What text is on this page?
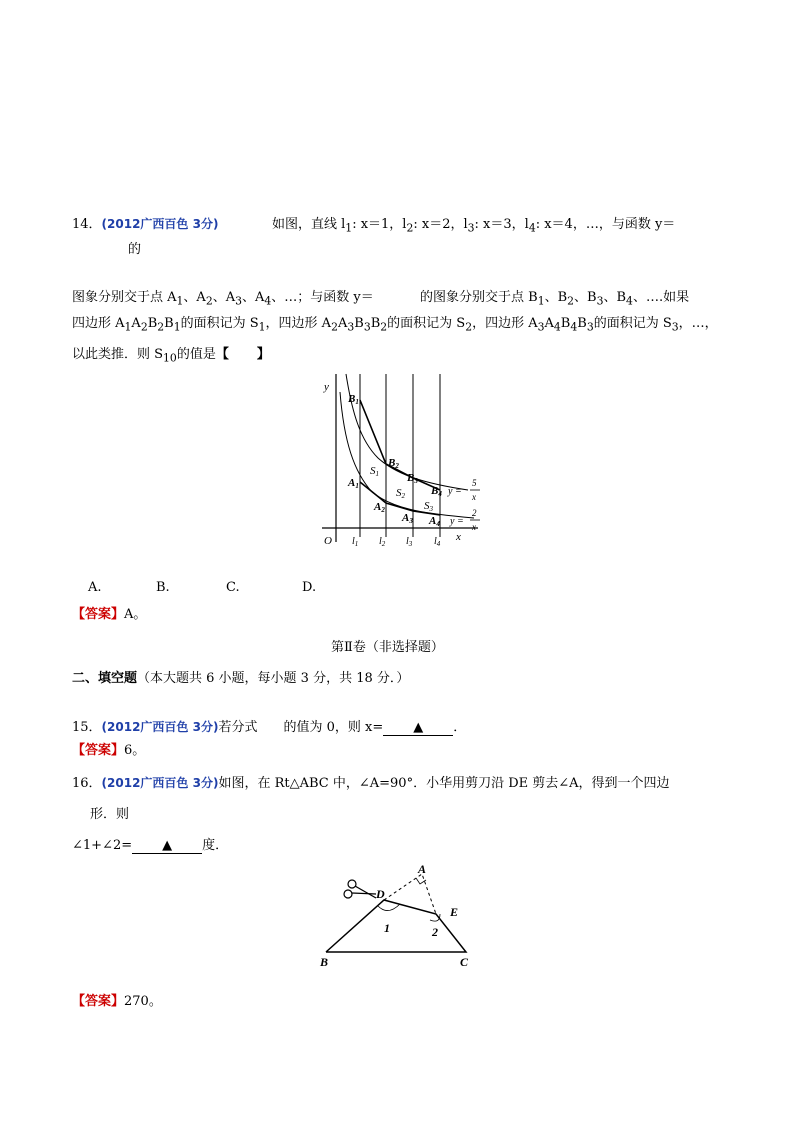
14．(2012广西百色 3分)	如图，直线 $l_1$: x＝1，$l_2$: x＝2，$l_3$: x＝3，$l_4$: x＝4，…，与函数 y＝
的
图象分别交于点 $A_1$、$A_2$、$A_3$、$A_4$、…；与函数 y＝	的图象分别交于点 $B_1$、$B_2$、$B_3$、$B_4$、….如果
四边形 $A_1A_2B_2B_1$的面积记为 $S_1$，四边形 $A_2A_3B_3B_2$的面积记为 $S_2$，四边形 $A_3A_4B_4B_3$的面积记为 $S_3$，…，
以此类推．则 $S_{10}$的值是【 】
y
O	x
$l_1$ $l_2$ $l_3$ $l_4$
B1
B2
B3
B4
A1
A2
A3 A4
S1
S2
S3
y =
5
x
y =
2
x
A.	B.	C.	D.
【答案】A。
第Ⅱ卷（非选择题）
二、填空题（本大题共 6 小题，每小题 3 分，共 18 分．）
15．(2012广西百色 3分)若分式 的值为 0，则 x= ▲ ．
【答案】6。
16．(2012广西百色 3分)如图，在 Rt△ABC 中，∠A=90°．小华用剪刀沿 DE 剪去∠A，得到一个四边
形．则
∠1+∠2= ▲ 度．
A
B	C
D
E
1	2
【答案】270。
